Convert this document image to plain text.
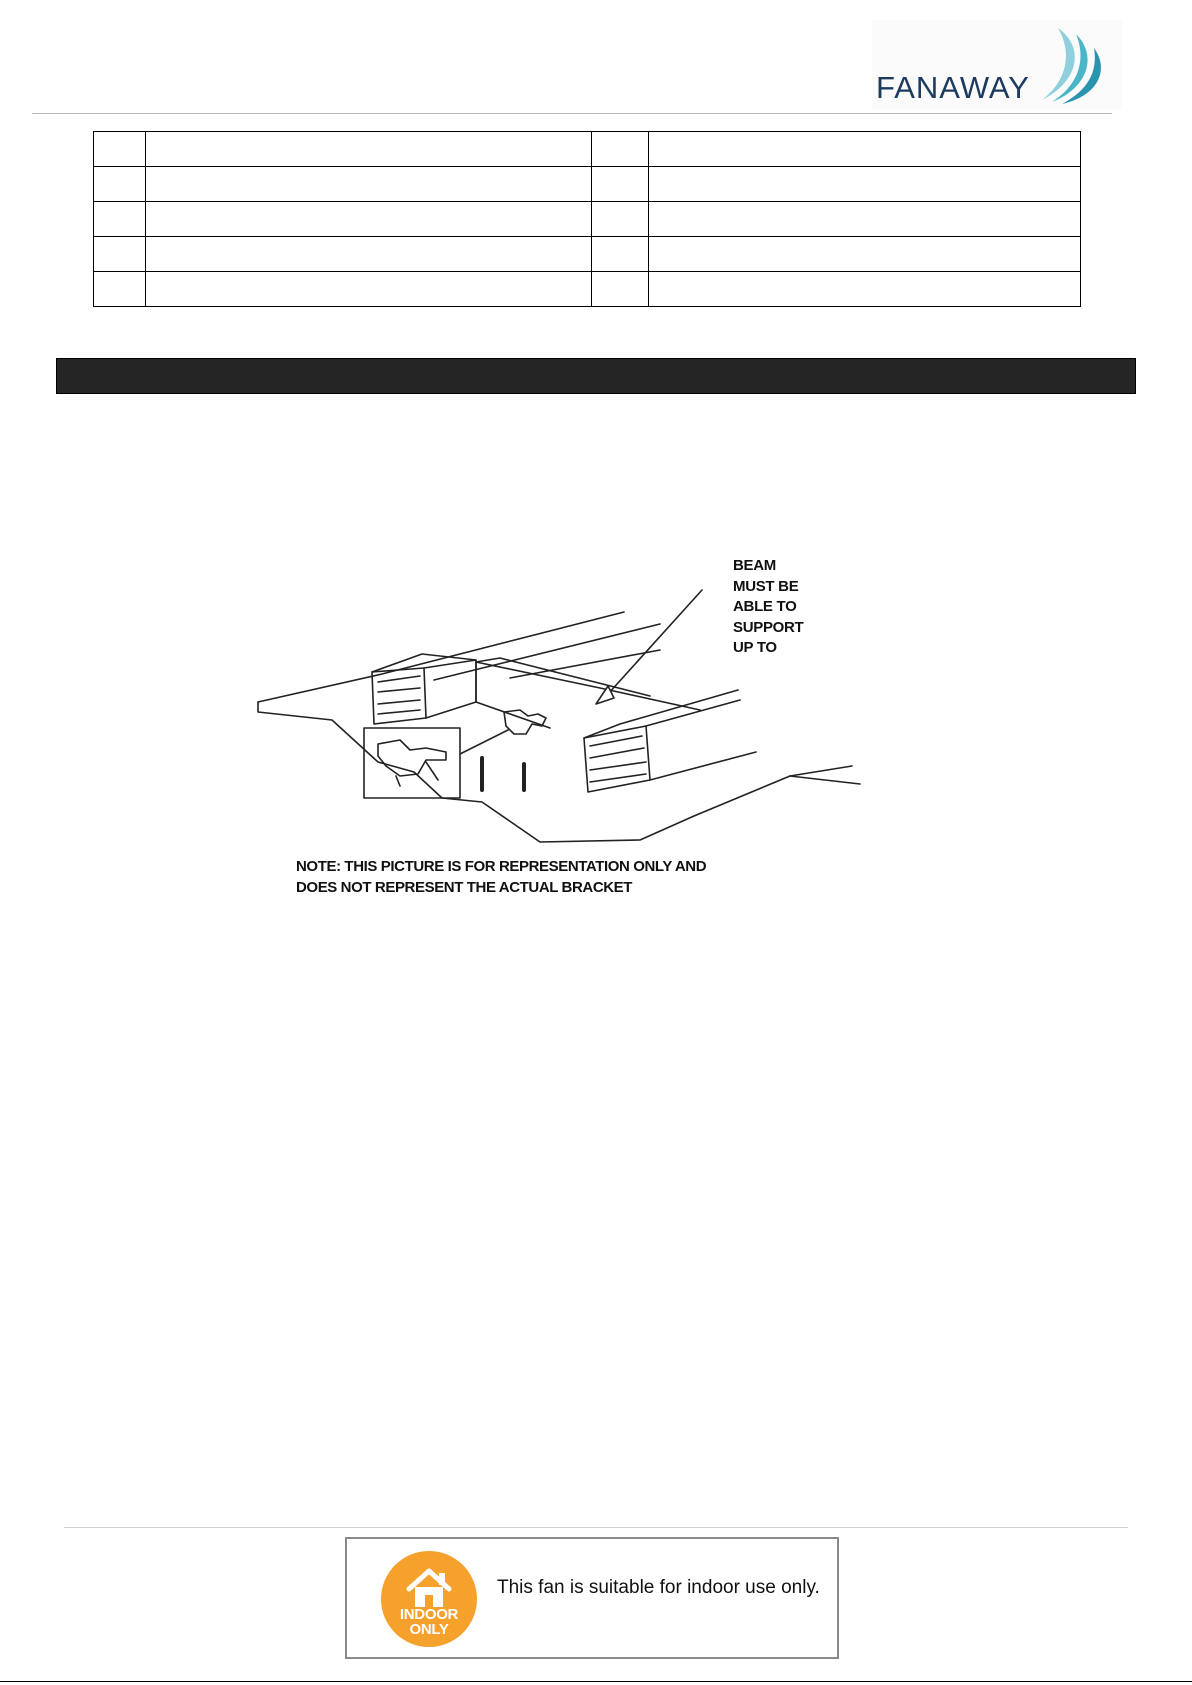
FANAWAY

BEAM
MUST BE
ABLE TO
SUPPORT
UP TO
NOTE: THIS PICTURE IS FOR REPRESENTATION ONLY AND
DOES NOT REPRESENT THE ACTUAL BRACKET
INDOOR
ONLY
This fan is suitable for indoor use only.
